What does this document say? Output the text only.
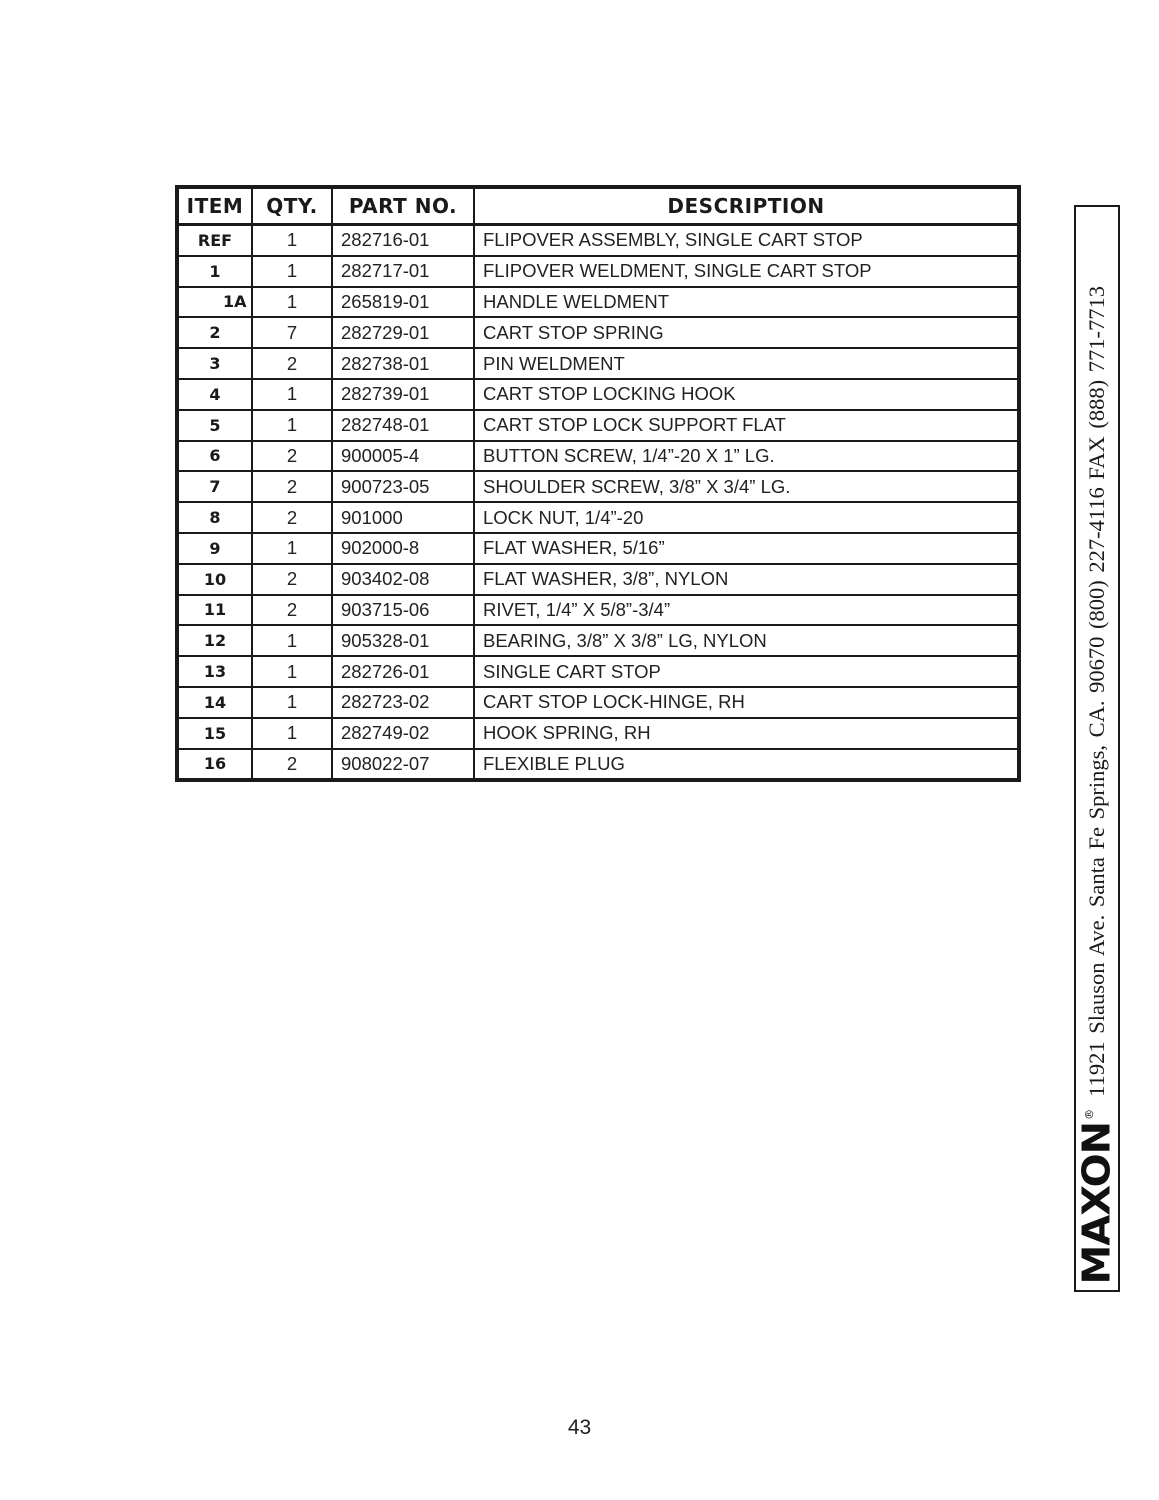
ITEM	QTY.	PART NO.	DESCRIPTION
REF	1	282716-01	FLIPOVER ASSEMBLY, SINGLE CART STOP
1	1	282717-01	FLIPOVER WELDMENT, SINGLE CART STOP
1A	1	265819-01	HANDLE WELDMENT
2	7	282729-01	CART STOP SPRING
3	2	282738-01	PIN WELDMENT
4	1	282739-01	CART STOP LOCKING HOOK
5	1	282748-01	CART STOP LOCK SUPPORT FLAT
6	2	900005-4	BUTTON SCREW, 1/4”-20 X 1” LG.
7	2	900723-05	SHOULDER SCREW, 3/8” X 3/4” LG.
8	2	901000	LOCK NUT, 1/4”-20
9	1	902000-8	FLAT WASHER, 5/16”
10	2	903402-08	FLAT WASHER, 3/8”, NYLON
11	2	903715-06	RIVET, 1/4” X 5/8”-3/4”
12	1	905328-01	BEARING, 3/8” X 3/8” LG, NYLON
13	1	282726-01	SINGLE CART STOP
14	1	282723-02	CART STOP LOCK-HINGE, RH
15	1	282749-02	HOOK SPRING, RH
16	2	908022-07	FLEXIBLE PLUG
MAXON
®
11921 Slauson Ave. Santa Fe Springs, CA. 90670 (800) 227-4116 FAX (888) 771-7713
43
